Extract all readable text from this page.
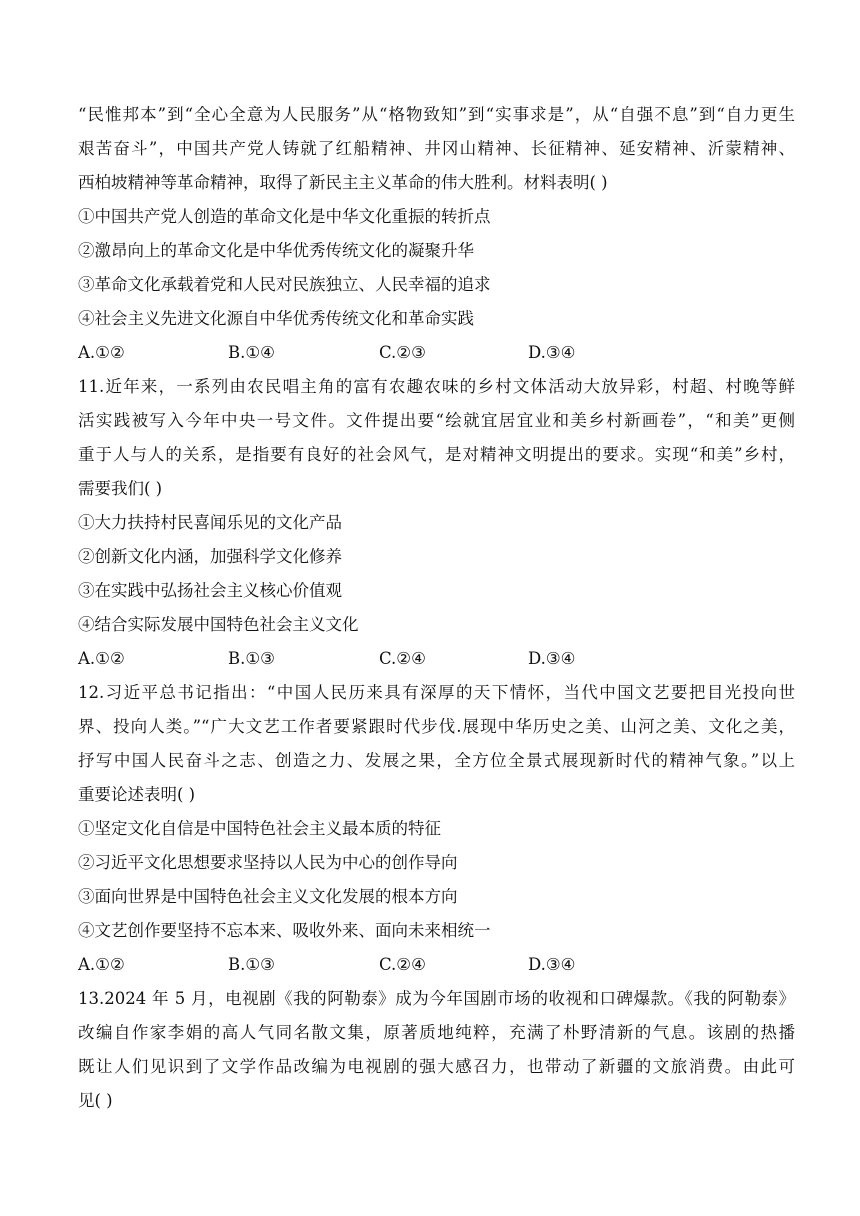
“民惟邦本”到“全心全意为人民服务”从“格物致知”到“实事求是”，从“自强不息”到“自力更生
艰苦奋斗”，中国共产党人铸就了红船精神、井冈山精神、长征精神、延安精神、沂蒙精神、
西柏坡精神等革命精神，取得了新民主主义革命的伟大胜利。材料表明( )
①中国共产党人创造的革命文化是中华文化重振的转折点
②激昂向上的革命文化是中华优秀传统文化的凝聚升华
③革命文化承载着党和人民对民族独立、人民幸福的追求
④社会主义先进文化源自中华优秀传统文化和革命实践
A.①②	B.①④	C.②③	D.③④
11.近年来，一系列由农民唱主角的富有农趣农味的乡村文体活动大放异彩，村超、村晚等鲜
活实践被写入今年中央一号文件。文件提出要“绘就宜居宜业和美乡村新画卷”，“和美”更侧
重于人与人的关系，是指要有良好的社会风气，是对精神文明提出的要求。实现“和美”乡村，
需要我们( )
①大力扶持村民喜闻乐见的文化产品
②创新文化内涵，加强科学文化修养
③在实践中弘扬社会主义核心价值观
④结合实际发展中国特色社会主义文化
A.①②	B.①③	C.②④	D.③④
12.习近平总书记指出：“中国人民历来具有深厚的天下情怀，当代中国文艺要把目光投向世
界、投向人类。”“广大文艺工作者要紧跟时代步伐.展现中华历史之美、山河之美、文化之美，
抒写中国人民奋斗之志、创造之力、发展之果，全方位全景式展现新时代的精神气象。”以上
重要论述表明( )
①坚定文化自信是中国特色社会主义最本质的特征
②习近平文化思想要求坚持以人民为中心的创作导向
③面向世界是中国特色社会主义文化发展的根本方向
④文艺创作要坚持不忘本来、吸收外来、面向未来相统一
A.①②	B.①③	C.②④	D.③④
13.2024 年 5 月，电视剧《我的阿勒泰》成为今年国剧市场的收视和口碑爆款。《我的阿勒泰》
改编自作家李娟的高人气同名散文集，原著质地纯粹，充满了朴野清新的气息。该剧的热播
既让人们见识到了文学作品改编为电视剧的强大感召力，也带动了新疆的文旅消费。由此可
见( )
